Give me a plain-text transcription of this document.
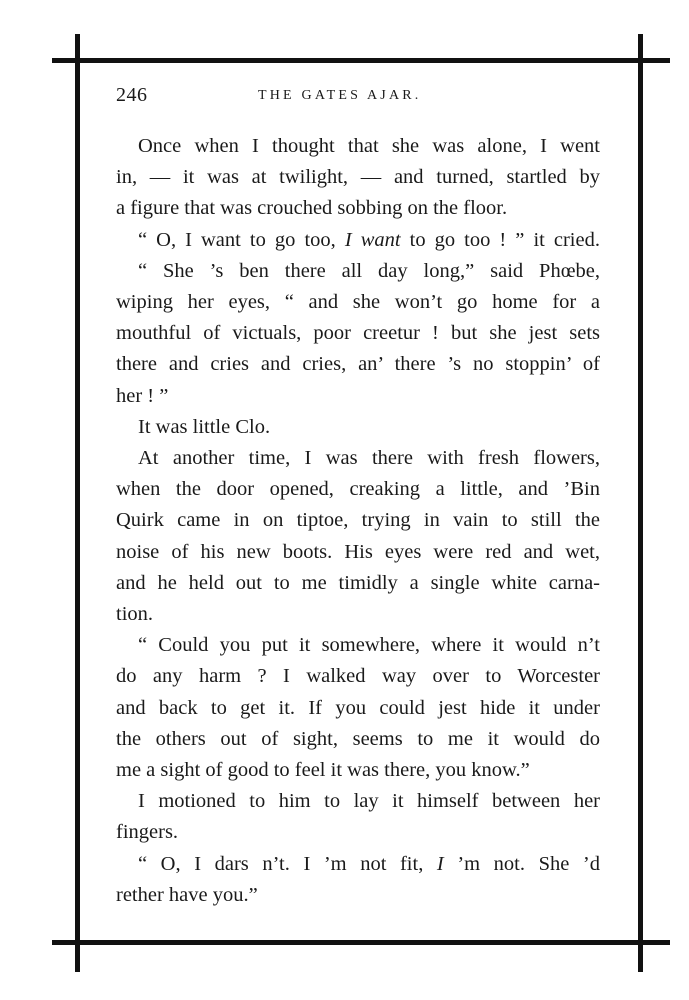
246	THE GATES AJAR.
Once when I thought that she was alone, I went
in, — it was at twilight, — and turned, startled by
a figure that was crouched sobbing on the floor.
“ O, I want to go too, I want to go too ! ” it cried.
“ She ’s ben there all day long,” said Phœbe,
wiping her eyes, “ and she won’t go home for a
mouthful of victuals, poor creetur ! but she jest sets
there and cries and cries, an’ there ’s no stoppin’ of
her ! ”
It was little Clo.
At another time, I was there with fresh flowers,
when the door opened, creaking a little, and ’Bin
Quirk came in on tiptoe, trying in vain to still the
noise of his new boots. His eyes were red and wet,
and he held out to me timidly a single white carna-
tion.
“ Could you put it somewhere, where it would n’t
do any harm ? I walked way over to Worcester
and back to get it. If you could jest hide it under
the others out of sight, seems to me it would do
me a sight of good to feel it was there, you know.”
I motioned to him to lay it himself between her
fingers.
“ O, I dars n’t. I ’m not fit, I ’m not. She ’d
rether have you.”
